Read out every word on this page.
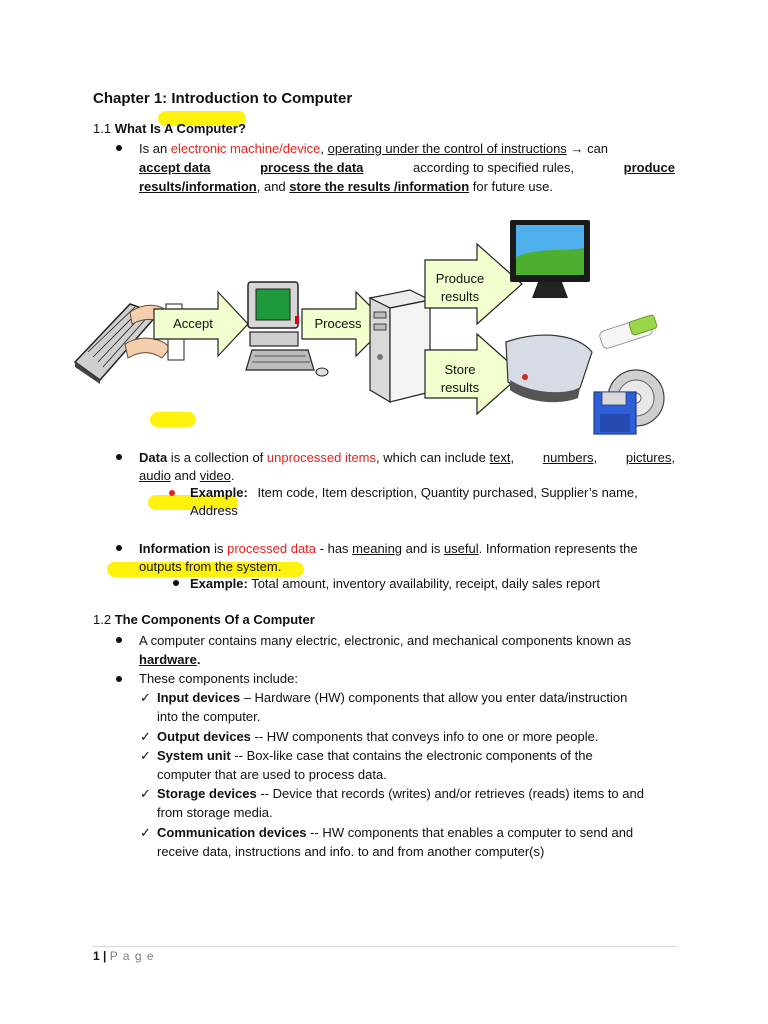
Chapter 1: Introduction to Computer
1.1 What Is A Computer?
Is an electronic machine/device, operating under the control of instructions → can
accept data	process the data	according to specified rules,	produce
results/information, and store the results /information for future use.
Accept	Process
Produce
results
Store
results
Data is a collection of unprocessed items, which can include text, numbers, pictures,
audio and video.
Example: Item code, Item description, Quantity purchased, Supplier’s name,
Address
Information is processed data - has meaning and is useful. Information represents the
outputs from the system.
Example: Total amount, inventory availability, receipt, daily sales report
1.2 The Components Of a Computer
A computer contains many electric, electronic, and mechanical components known as
hardware.
These components include:
✓ Input devices – Hardware (HW) components that allow you enter data/instruction
into the computer.
✓ Output devices -- HW components that conveys info to one or more people.
✓ System unit -- Box-like case that contains the electronic components of the
computer that are used to process data.
✓ Storage devices -- Device that records (writes) and/or retrieves (reads) items to and
from storage media.
✓ Communication devices -- HW components that enables a computer to send and
receive data, instructions and info. to and from another computer(s)
1 | P a g e
